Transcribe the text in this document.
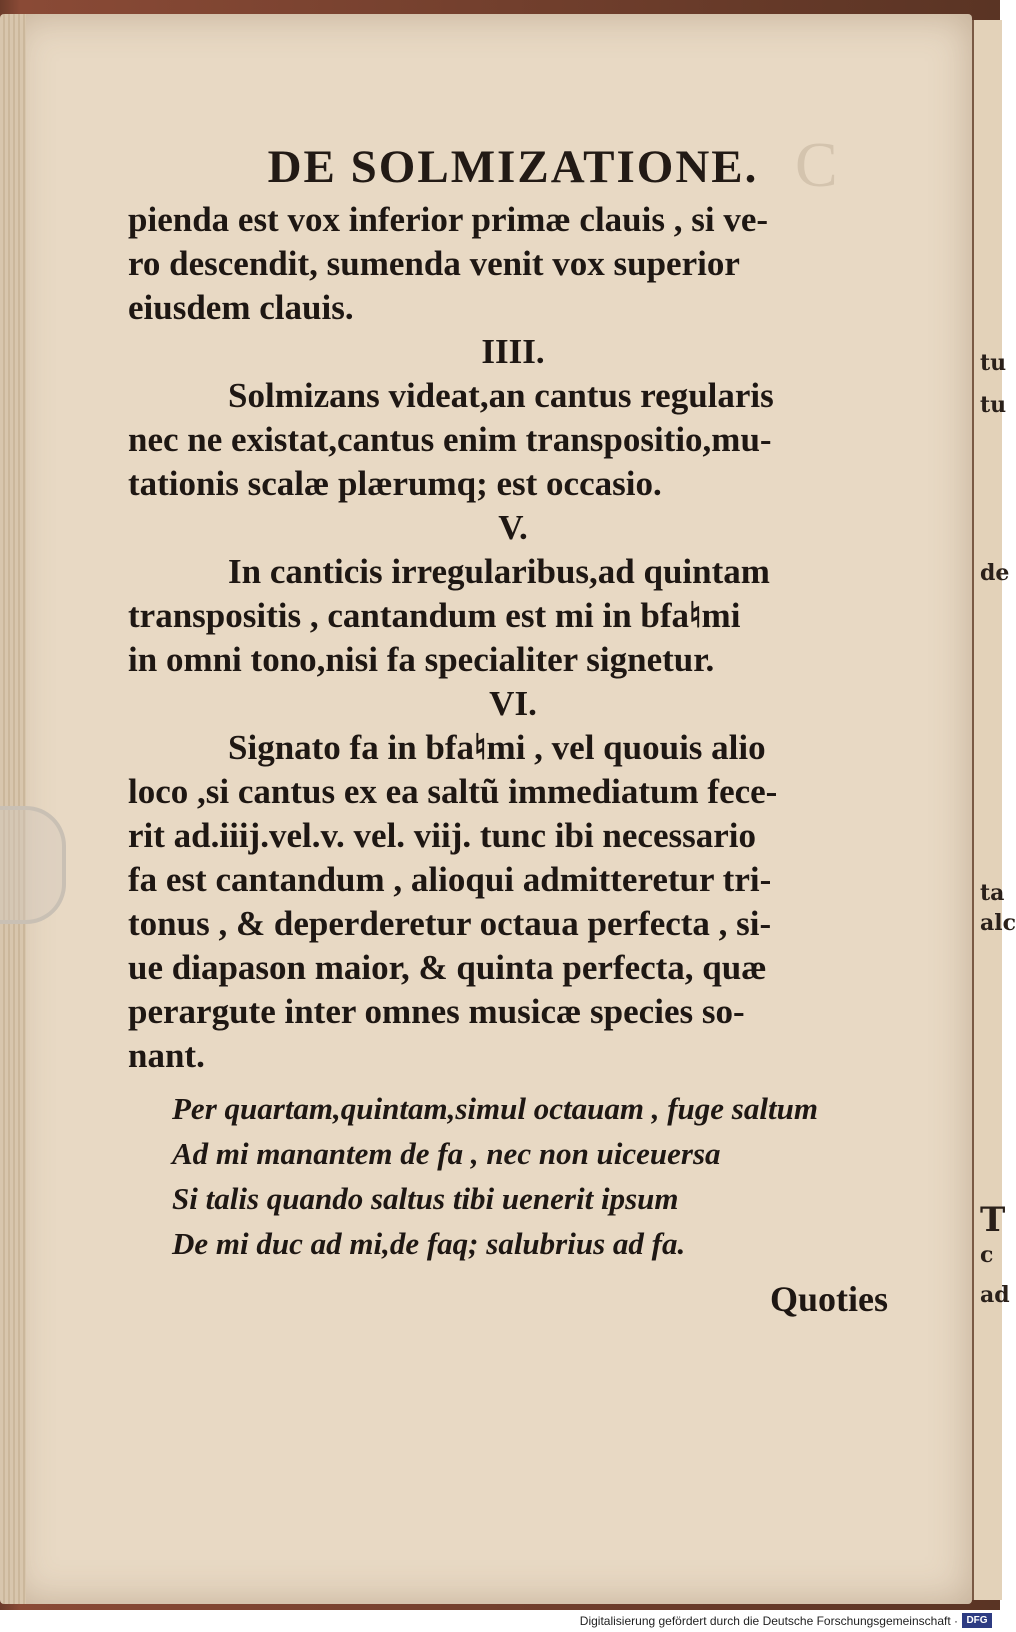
tu
tu
de
ta
alc
T
c
ad
C
DE SOLMIZATIONE.

pienda est vox inferior primæ clauis , si ve-
ro descendit, sumenda venit vox superior
eiusdem clauis.

IIII.

Solmizans videat,an cantus regularis
nec ne existat,cantus enim transpositio,mu-
tationis scalæ plærumq; est occasio.

V.

In canticis irregularibus,ad quintam
transpositis , cantandum est mi in bfa♮mi
in omni tono,nisi fa specialiter signetur.

VI.

Signato fa in bfa♮mi , vel quouis alio
loco ,si cantus ex ea saltũ immediatum fece-
rit ad.iiij.vel.v. vel. viij. tunc ibi necessario
fa est cantandum , alioqui admitteretur tri-
tonus , & deperderetur octaua perfecta , si-
ue diapason maior, & quinta perfecta, quæ
perargute inter omnes musicæ species so-
nant.

Per quartam,quintam,simul octauam , fuge saltum
Ad mi manantem de fa , nec non uiceuersa
Si talis quando saltus tibi uenerit ipsum
De mi duc ad mi,de faq; salubrius ad fa.
Quoties
Digitalisierung gefördert durch die Deutsche Forschungsgemeinschaft · DFG
